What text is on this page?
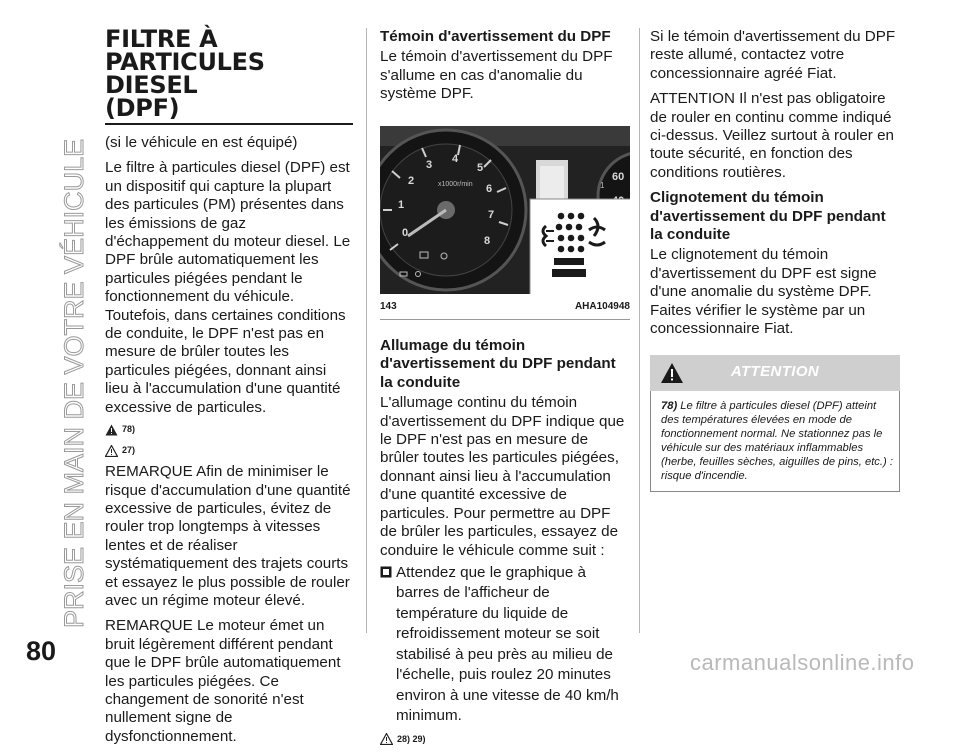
PRISE EN MAIN DE VOTRE VÉHICULE
FILTRE À
PARTICULES DIESEL
(DPF)

(si le véhicule en est équipé)

Le filtre à particules diesel (DPF) est un dispositif qui capture la plupart des particules (PM) présentes dans les émissions de gaz d'échappement du moteur diesel. Le DPF brûle automatiquement les particules piégées pendant le fonctionnement du véhicule. Toutefois, dans certaines conditions de conduite, le DPF n'est pas en mesure de brûler toutes les particules piégées, donnant ainsi lieu à l'accumulation d'une quantité excessive de particules.

78)
27)

REMARQUE Afin de minimiser le risque d'accumulation d'une quantité excessive de particules, évitez de rouler trop longtemps à vitesses lentes et de réaliser systématiquement des trajets courts et essayez le plus possible de rouler avec un régime moteur élevé.

REMARQUE Le moteur émet un bruit légèrement différent pendant que le DPF brûle automatiquement les particules piégées. Ce changement de sonorité n'est nullement signe de dysfonctionnement.

Témoin d'avertissement du DPF

Le témoin d'avertissement du DPF s'allume en cas d'anomalie du système DPF.

0
1
2
3 4
5
6
7
8
x1000r/min
60
1
143	AHA104948
Allumage du témoin d'avertissement du DPF pendant la conduite

L'allumage continu du témoin d'avertissement du DPF indique que le DPF n'est pas en mesure de brûler toutes les particules piégées, donnant ainsi lieu à l'accumulation d'une quantité excessive de particules. Pour permettre au DPF de brûler les particules, essayez de conduire le véhicule comme suit :

Attendez que le graphique à barres de l'afficheur de température du liquide de refroidissement moteur se soit stabilisé à peu près au milieu de l'échelle, puis roulez 20 minutes environ à une vitesse de 40 km/h minimum.
28) 29)

Si le témoin d'avertissement du DPF reste allumé, contactez votre concessionnaire agréé Fiat.

ATTENTION Il n'est pas obligatoire de rouler en continu comme indiqué ci-dessus. Veillez surtout à rouler en toute sécurité, en fonction des conditions routières.

Clignotement du témoin d'avertissement du DPF pendant la conduite

Le clignotement du témoin d'avertissement du DPF est signe d'une anomalie du système DPF. Faites vérifier le système par un concessionnaire Fiat.

ATTENTION
78) Le filtre à particules diesel (DPF) atteint des températures élevées en mode de fonctionnement normal. Ne stationnez pas le véhicule sur des matériaux inflammables (herbe, feuilles sèches, aiguilles de pins, etc.) : risque d'incendie.
80	carmanualsonline.info
